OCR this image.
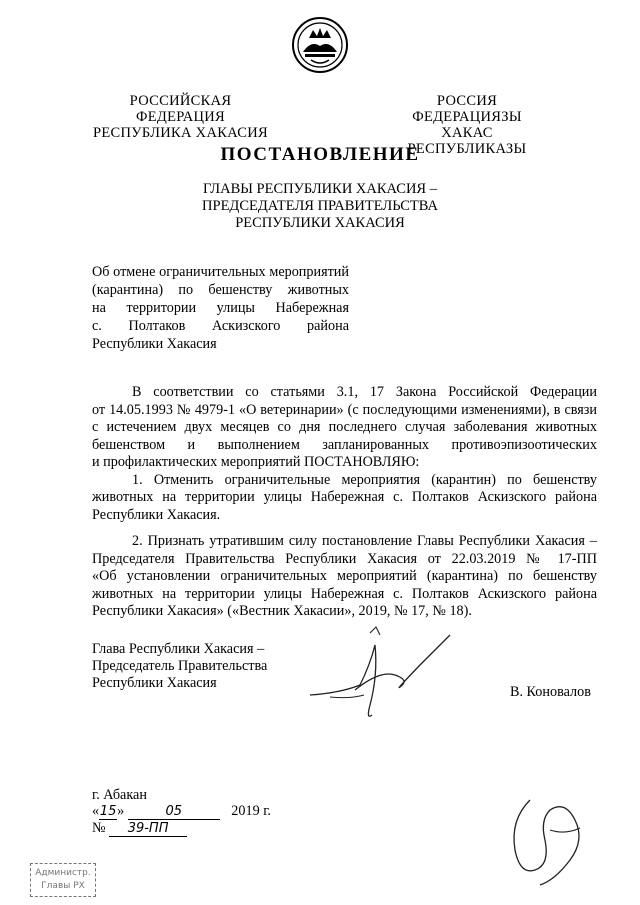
РОССИЙСКАЯ ФЕДЕРАЦИЯ
РЕСПУБЛИКА ХАКАСИЯ
РОССИЯ ФЕДЕРАЦИЯЗЫ
ХАКАС РЕСПУБЛИКАЗЫ
ПОСТАНОВЛЕНИЕ
ГЛАВЫ РЕСПУБЛИКИ ХАКАСИЯ –
ПРЕДСЕДАТЕЛЯ ПРАВИТЕЛЬСТВА
РЕСПУБЛИКИ ХАКАСИЯ
Об отмене ограничительных мероприятий
(карантина) по бешенству животных
на территории улицы Набережная
с. Полтаков Аскизского района
Республики Хакасия
В соответствии со статьями 3.1, 17 Закона Российской Федерации
от 14.05.1993 № 4979-1 «О ветеринарии» (с последующими изменениями), в связи
с истечением двух месяцев со дня последнего случая заболевания животных
бешенством и выполнением запланированных противоэпизоотических
и профилактических мероприятий ПОСТАНОВЛЯЮ:
1. Отменить ограничительные мероприятия (карантин) по бешенству
животных на территории улицы Набережная с. Полтаков Аскизского района
Республики Хакасия.
2. Признать утратившим силу постановление Главы Республики Хакасия –
Председателя Правительства Республики Хакасия от 22.03.2019 № 17-ПП
«Об установлении ограничительных мероприятий (карантина) по бешенству
животных на территории улицы Набережная с. Полтаков Аскизского района
Республики Хакасия» («Вестник Хакасии», 2019, № 17, № 18).
Глава Республики Хакасия –
Председатель Правительства
Республики Хакасия
В. Коновалов
г. Абакан
«15»	05	2019 г.
№ 39-ПП
Администр.
Главы РХ
